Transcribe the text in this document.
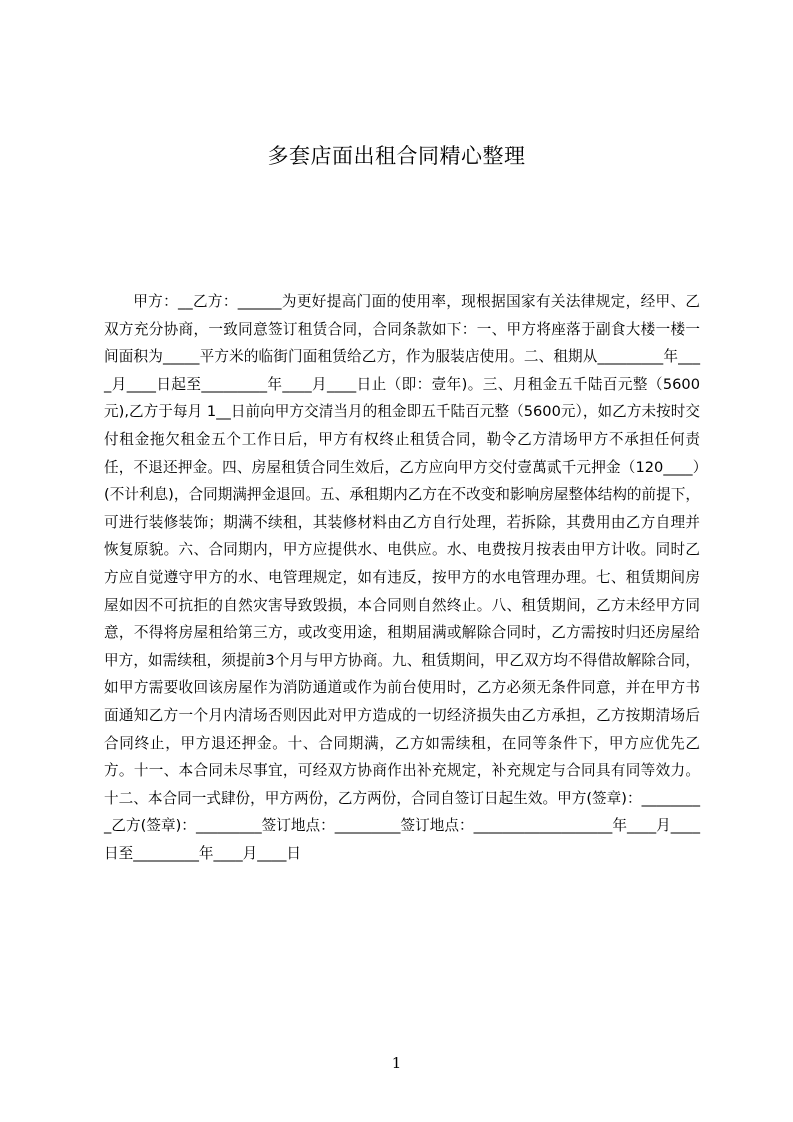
多套店面出租合同精心整理

甲方：__乙方：______为更好提高门面的使用率，现根据国家有关法律规定，经甲、乙双方充分协商，一致同意签订租赁合同，合同条款如下：一、甲方将座落于副食大楼一楼一间面积为_____平方米的临街门面租赁给乙方，作为服装店使用。二、租期从_________年____月____日起至_________年____月____日止（即：壹年)。三、月租金五千陆百元整（5600元),乙方于每月 1__日前向甲方交清当月的租金即五千陆百元整（5600元），如乙方未按时交付租金拖欠租金五个工作日后，甲方有权终止租赁合同，勒令乙方清场甲方不承担任何责任，不退还押金。四、房屋租赁合同生效后，乙方应向甲方交付壹萬贰千元押金（120____）(不计利息)，合同期满押金退回。五、承租期内乙方在不改变和影响房屋整体结构的前提下，可进行装修装饰；期满不续租，其装修材料由乙方自行处理，若拆除，其费用由乙方自理并恢复原貌。六、合同期内，甲方应提供水、电供应。水、电费按月按表由甲方计收。同时乙方应自觉遵守甲方的水、电管理规定，如有违反，按甲方的水电管理办理。七、租赁期间房屋如因不可抗拒的自然灾害导致毁损，本合同则自然终止。八、租赁期间，乙方未经甲方同意，不得将房屋租给第三方，或改变用途，租期届满或解除合同时，乙方需按时归还房屋给甲方，如需续租，须提前3个月与甲方协商。九、租赁期间，甲乙双方均不得借故解除合同，如甲方需要收回该房屋作为消防通道或作为前台使用时，乙方必须无条件同意，并在甲方书面通知乙方一个月内清场否则因此对甲方造成的一切经济损失由乙方承担，乙方按期清场后合同终止，甲方退还押金。十、合同期满，乙方如需续租，在同等条件下，甲方应优先乙方。十一、本合同未尽事宜，可经双方协商作出补充规定，补充规定与合同具有同等效力。十二、本合同一式肆份，甲方两份，乙方两份，合同自签订日起生效。甲方(签章)：_________乙方(签章)：_________签订地点：_________签订地点：___________________年____月____日至_________年____月____日

1
